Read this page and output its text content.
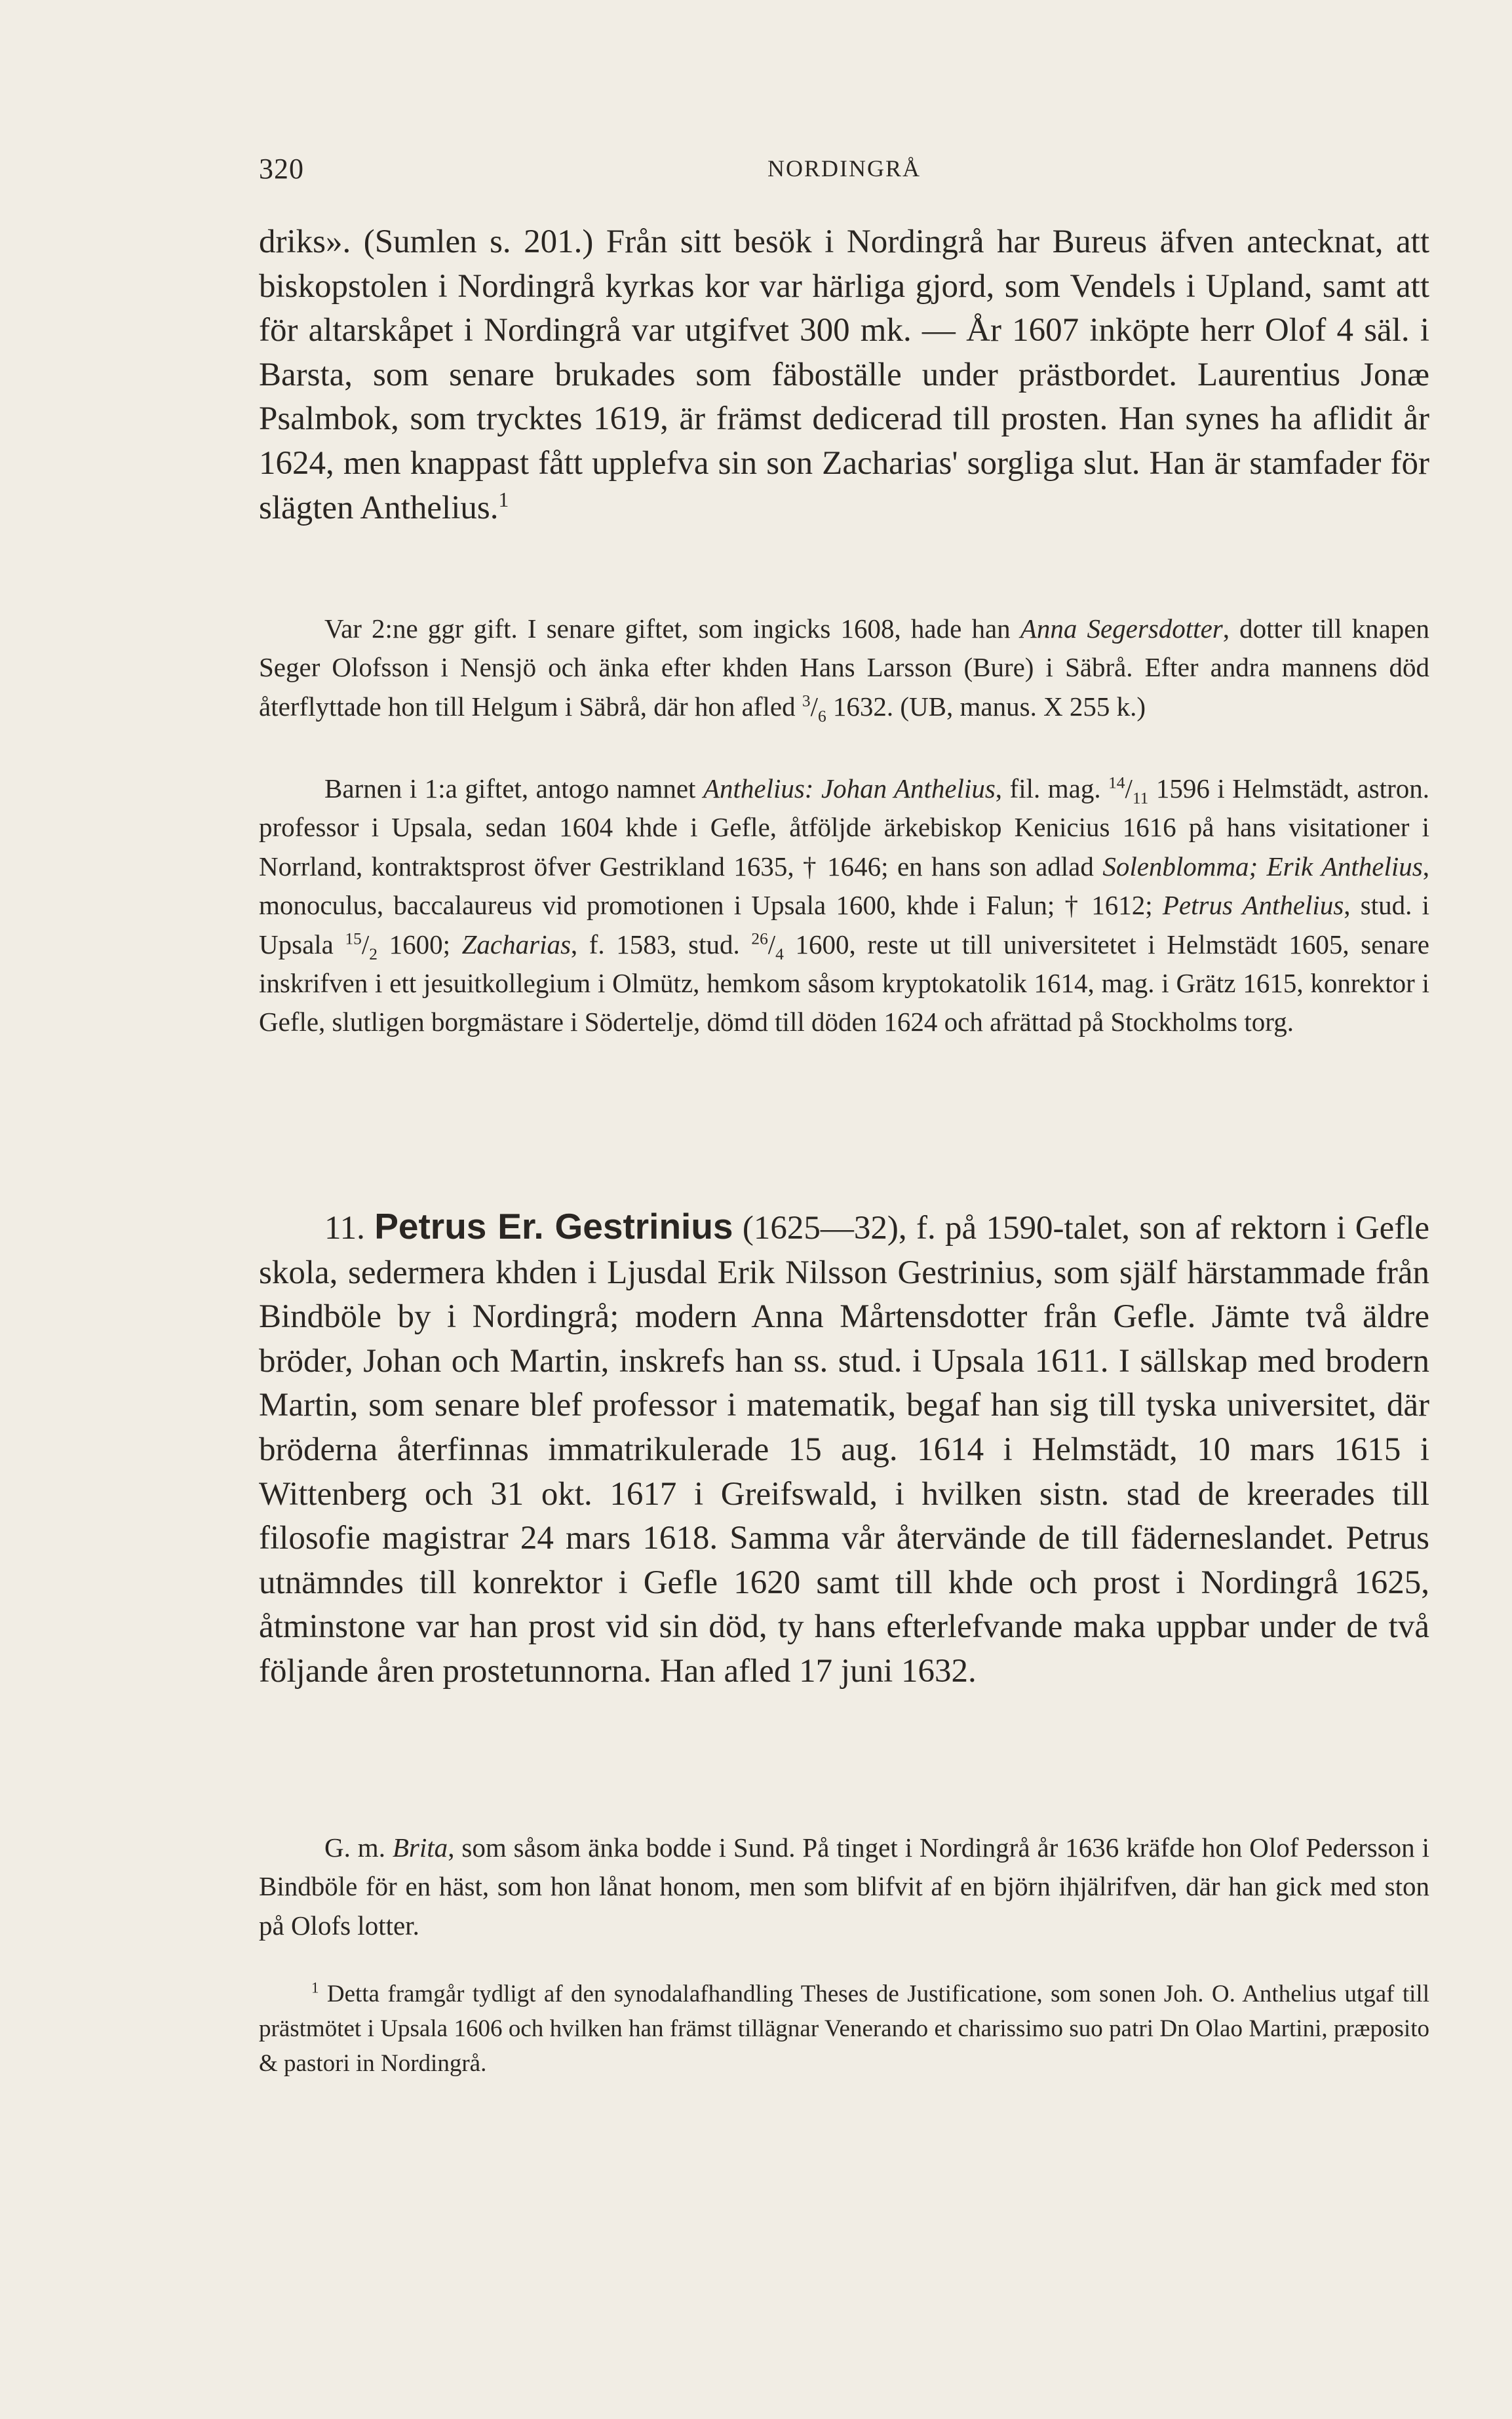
320	NORDINGRÅ

driks». (Sumlen s. 201.) Från sitt besök i Nordingrå har Bureus äfven antecknat, att biskopstolen i Nordingrå kyrkas kor var härliga gjord, som Vendels i Upland, samt att för altarskåpet i Nordingrå var utgifvet 300 mk. — År 1607 inköpte herr Olof 4 säl. i Barsta, som senare brukades som fäboställe under prästbordet. Laurentius Jonæ Psalmbok, som trycktes 1619, är främst dedicerad till prosten. Han synes ha aflidit år 1624, men knappast fått upplefva sin son Zacharias' sorgliga slut. Han är stamfader för slägten Anthelius.$^1$

Var 2:ne ggr gift. I senare giftet, som ingicks 1608, hade han Anna Segersdotter, dotter till knapen Seger Olofsson i Nensjö och änka efter khden Hans Larsson (Bure) i Säbrå. Efter andra mannens död återflyttade hon till Helgum i Säbrå, där hon afled $^3/_6$ 1632. (UB, manus. X 255 k.)

Barnen i 1:a giftet, antogo namnet Anthelius: Johan Anthelius, fil. mag. $^{14}/_{11}$ 1596 i Helmstädt, astron. professor i Upsala, sedan 1604 khde i Gefle, åtföljde ärkebiskop Kenicius 1616 på hans visitationer i Norrland, kontraktsprost öfver Gestrikland 1635, † 1646; en hans son adlad Solenblomma; Erik Anthelius, monoculus, baccalaureus vid promotionen i Upsala 1600, khde i Falun; † 1612; Petrus Anthelius, stud. i Upsala $^{15}/_2$ 1600; Zacharias, f. 1583, stud. $^{26}/_4$ 1600, reste ut till universitetet i Helmstädt 1605, senare inskrifven i ett jesuitkollegium i Olmütz, hemkom såsom kryptokatolik 1614, mag. i Grätz 1615, konrektor i Gefle, slutligen borgmästare i Södertelje, dömd till döden 1624 och afrättad på Stockholms torg.

11. Petrus Er. Gestrinius (1625—32), f. på 1590-talet, son af rektorn i Gefle skola, sedermera khden i Ljusdal Erik Nilsson Gestrinius, som själf härstammade från Bindböle by i Nordingrå; modern Anna Mårtensdotter från Gefle. Jämte två äldre bröder, Johan och Martin, inskrefs han ss. stud. i Upsala 1611. I sällskap med brodern Martin, som senare blef professor i matematik, begaf han sig till tyska universitet, där bröderna återfinnas immatrikulerade 15 aug. 1614 i Helmstädt, 10 mars 1615 i Wittenberg och 31 okt. 1617 i Greifswald, i hvilken sistn. stad de kreerades till filosofie magistrar 24 mars 1618. Samma vår återvände de till fäderneslandet. Petrus utnämndes till konrektor i Gefle 1620 samt till khde och prost i Nordingrå 1625, åtminstone var han prost vid sin död, ty hans efterlefvande maka uppbar under de två följande åren prostetunnorna. Han afled 17 juni 1632.

G. m. Brita, som såsom änka bodde i Sund. På tinget i Nordingrå år 1636 kräfde hon Olof Pedersson i Bindböle för en häst, som hon lånat honom, men som blifvit af en björn ihjälrifven, där han gick med ston på Olofs lotter.

$^1$ Detta framgår tydligt af den synodalafhandling Theses de Justificatione, som sonen Joh. O. Anthelius utgaf till prästmötet i Upsala 1606 och hvilken han främst tillägnar Venerando et charissimo suo patri Dn Olao Martini, præposito & pastori in Nordingrå.
